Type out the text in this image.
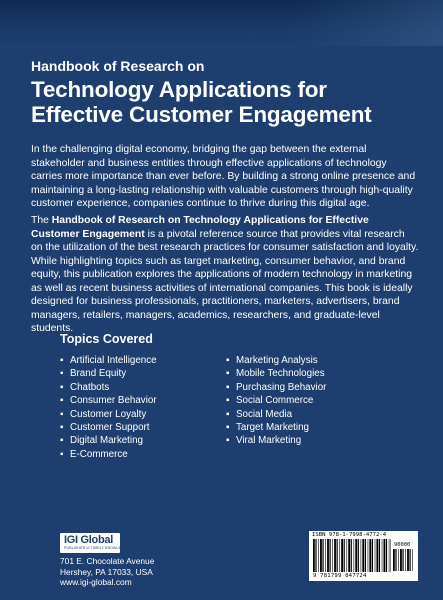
Handbook of Research on

Technology Applications for
Effective Customer Engagement

In the challenging digital economy, bridging the gap between the external stakeholder and business entities through effective applications of technology carries more importance than ever before. By building a strong online presence and maintaining a long-lasting relationship with valuable customers through high-quality customer experience, companies continue to thrive during this digital age.

The Handbook of Research on Technology Applications for Effective Customer Engagement is a pivotal reference source that provides vital research on the utilization of the best research practices for consumer satisfaction and loyalty. While highlighting topics such as target marketing, consumer behavior, and brand equity, this publication explores the applications of modern technology in marketing as well as recent business activities of international companies. This book is ideally designed for business professionals, practitioners, marketers, advertisers, brand managers, retailers, managers, academics, researchers, and graduate-level students.

Topics Covered
▪ Artificial Intelligence
▪ Brand Equity
▪ Chatbots
▪ Consumer Behavior
▪ Customer Loyalty
▪ Customer Support
▪ Digital Marketing
▪ E-Commerce
▪ Marketing Analysis
▪ Mobile Technologies
▪ Purchasing Behavior
▪ Social Commerce
▪ Social Media
▪ Target Marketing
▪ Viral Marketing
IGI Global
PUBLISHER of TIMELY KNOWLEDGE
701 E. Chocolate Avenue
Hershey, PA 17033, USA
www.igi-global.com
ISBN 978-1-7998-4772-4
90000
9 781799 847724
